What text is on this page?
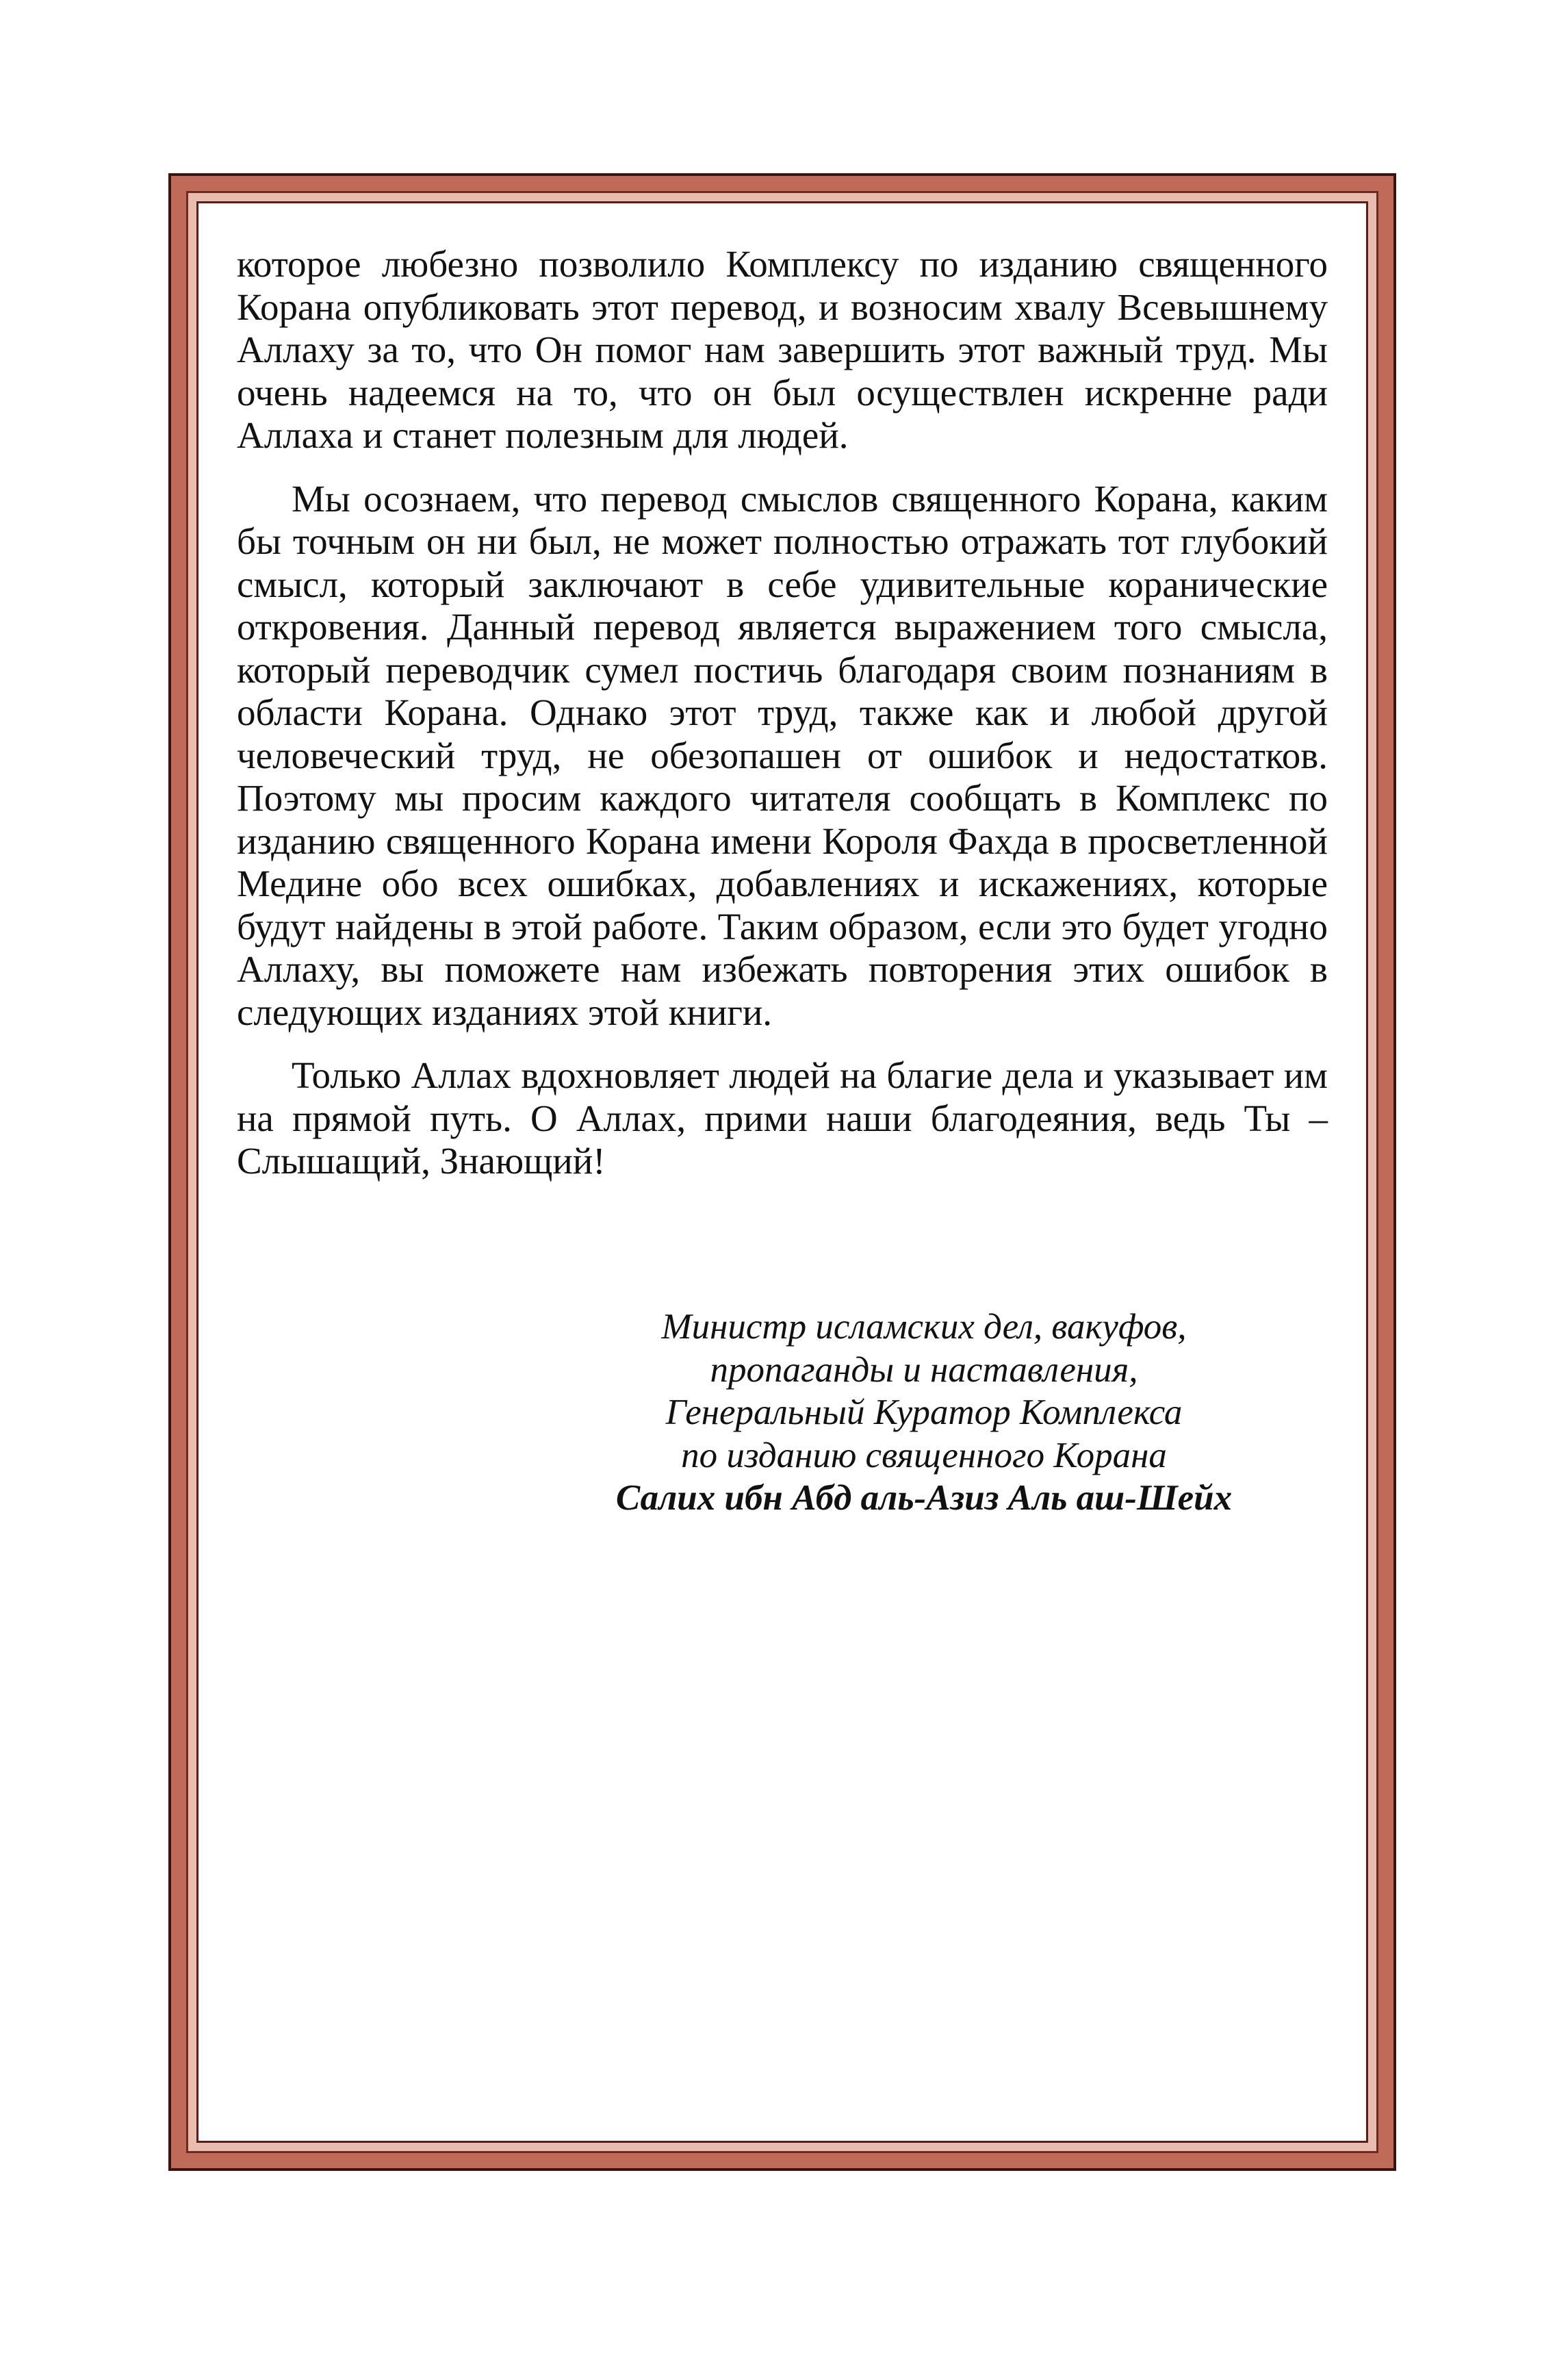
которое любезно позволило Комплексу по изданию священного Корана опубликовать этот перевод, и возносим хвалу Всевышнему Аллаху за то, что Он помог нам завершить этот важный труд. Мы очень надеемся на то, что он был осуществлен искренне ради Аллаха и станет полезным для людей.

Мы осознаем, что перевод смыслов священного Корана, каким бы точным он ни был, не может полностью отражать тот глубокий смысл, который заключают в себе удивительные коранические откровения. Данный перевод является выражением того смысла, который переводчик сумел постичь благодаря своим познаниям в области Корана. Однако этот труд, также как и любой другой человеческий труд, не обезопашен от ошибок и недостатков. Поэтому мы просим каждого читателя сообщать в Комплекс по изданию священного Корана имени Короля Фахда в просветленной Медине обо всех ошибках, добавлениях и искажениях, которые будут найдены в этой работе. Таким образом, если это будет угодно Аллаху, вы поможете нам избежать повторения этих ошибок в следующих изданиях этой книги.

Только Аллах вдохновляет людей на благие дела и указывает им на прямой путь. О Аллах, прими наши благодеяния, ведь Ты – Слышащий, Знающий!

Министр исламских дел, вакуфов,
пропаганды и наставления,
Генеральный Куратор Комплекса
по изданию священного Корана
Салих ибн Абд аль-Азиз Аль аш-Шейх
